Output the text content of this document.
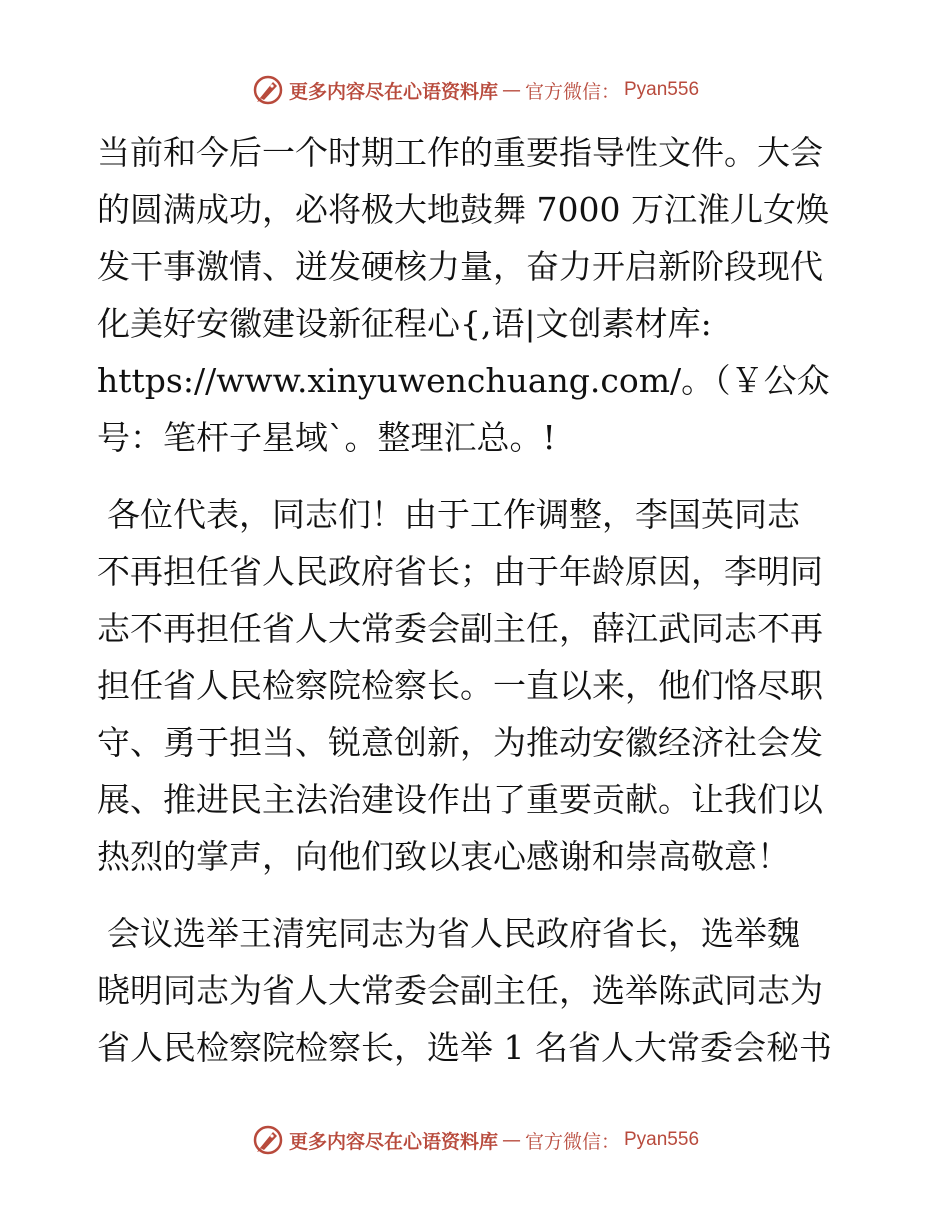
更多内容尽在心语资料库 — 官方微信： Pyan556

当前和今后一个时期工作的重要指导性文件。大会
的圆满成功，必将极大地鼓舞 7000 万江淮儿女焕
发干事激情、迸发硬核力量，奋力开启新阶段现代
化美好安徽建设新征程心{,语|文创素材库:
https://www.xinyuwenchuang.com/。（￥公众
号：笔杆子星域`。整理汇总。!

各位代表，同志们！由于工作调整，李国英同志
不再担任省人民政府省长；由于年龄原因，李明同
志不再担任省人大常委会副主任，薛江武同志不再
担任省人民检察院检察长。一直以来，他们恪尽职
守、勇于担当、锐意创新，为推动安徽经济社会发
展、推进民主法治建设作出了重要贡献。让我们以
热烈的掌声，向他们致以衷心感谢和崇高敬意！

会议选举王清宪同志为省人民政府省长，选举魏
晓明同志为省人大常委会副主任，选举陈武同志为
省人民检察院检察长，选举 1 名省人大常委会秘书

更多内容尽在心语资料库 — 官方微信： Pyan556
